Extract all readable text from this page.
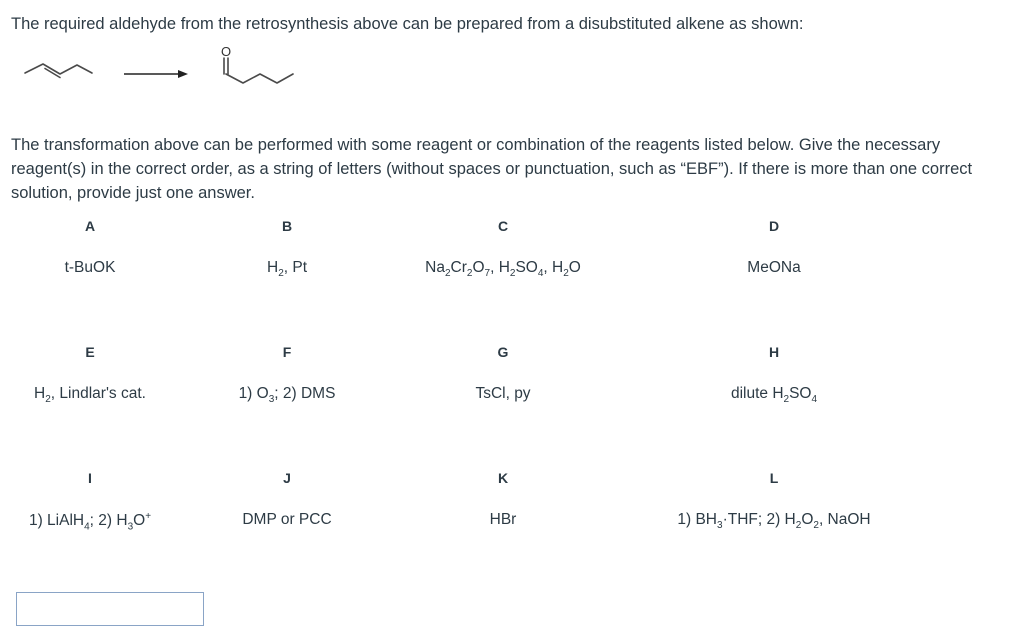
The required aldehyde from the retrosynthesis above can be prepared from a disubstituted alkene as shown:
O
The transformation above can be performed with some reagent or combination of the reagents listed below. Give the necessary reagent(s) in the correct order, as a string of letters (without spaces or punctuation, such as “EBF”). If there is more than one correct solution, provide just one answer.
A
t-BuOK
B
$H_2$, Pt
C
$Na_2Cr_2O_7$, $H_2SO_4$, $H_2O$
D
MeONa
E
$H_2$, Lindlar's cat.
F
1) $O_3$; 2) DMS
G
TsCl, py
H
dilute $H_2SO_4$
I
1) LiAlH$_4$; 2) $H_3O^+$
J
DMP or PCC
K
HBr
L
1) $BH_3\cdot THF$; 2) $H_2O_2$, NaOH
